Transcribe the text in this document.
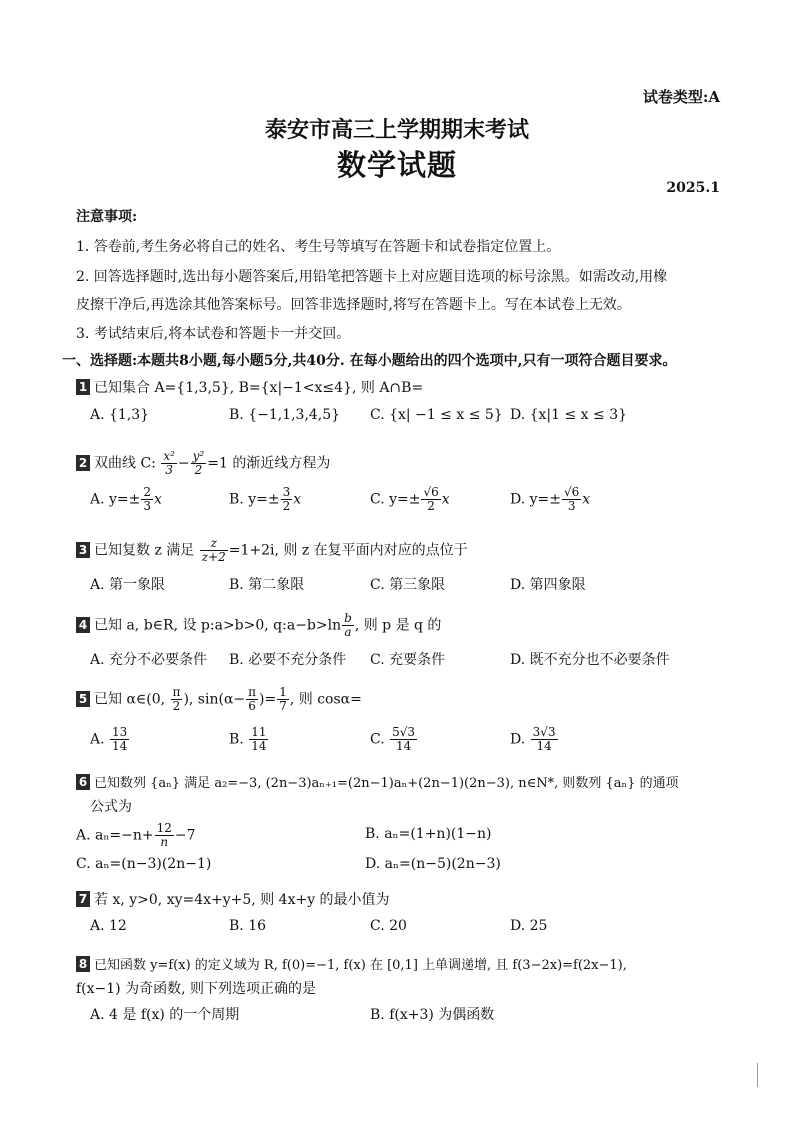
试卷类型:A
泰安市高三上学期期末考试
数学试题
2025.1
注意事项:
1. 答卷前,考生务必将自己的姓名、考生号等填写在答题卡和试卷指定位置上。
2. 回答选择题时,选出每小题答案后,用铅笔把答题卡上对应题目选项的标号涂黑。如需改动,用橡
皮擦干净后,再选涂其他答案标号。回答非选择题时,将写在答题卡上。写在本试卷上无效。
3. 考试结束后,将本试卷和答题卡一并交回。
一、选择题:本题共8小题,每小题5分,共40分. 在每小题给出的四个选项中,只有一项符合题目要求。
1 已知集合 A={1,3,5}, B={x|−1<x≤4}, 则 A∩B=
A. {1,3}	B. {−1,1,3,4,5} C. {x| −1 ≤ x ≤ 5} D. {x|1 ≤ x ≤ 3}
2 双曲线 C: $\frac{\text{x²}}{3} - \frac{\text{y²}}{2} =1$ 的渐近线方程为
A. $y=\pm \frac{2}{3}$ x	B. $y=\pm \frac{3}{2}$ x	C. $y=\pm \frac{√6}{2}$ x	D. $y=\pm \frac{√6}{3}$ x
3 已知复数 z 满足 $\frac{z}{z+2} =1+2i$, 则 z 在复平面内对应的点位于
A. 第一象限	B. 第二象限	C. 第三象限	D. 第四象限
4 已知 a, b∈R, 设 p:a>b>0, q:a−b>ln $\frac{b}{a}$ , 则 p 是 q 的
A. 充分不必要条件 B. 必要不充分条件 C. 充要条件	D. 既不充分也不必要条件
5 已知 α∈(0, $\frac{\pi}{2}$ ), $\sin(\alpha- \frac{\pi}{6}$ )= $\frac{1}{7}$ , 则 cosα=
A. $\frac{13}{14}$	B. $\frac{11}{14}$	C. $\frac{5√3}{14}$	D. $\frac{3√3}{14}$
6 已知数列 {aₙ} 满足 a₂=−3, (2n−3)aₙ₊₁=(2n−1)aₙ+(2n−1)(2n−3), n∈N*, 则数列 {aₙ} 的通项
公式为
A. $a_n=-n+ \frac{12}{n} -7$	B. aₙ=(1+n)(1−n)
C. aₙ=(n−3)(2n−1)	D. aₙ=(n−5)(2n−3)
7 若 x, y>0, xy=4x+y+5, 则 4x+y 的最小值为
A. 12	B. 16	C. 20	D. 25
8 已知函数 y=f(x) 的定义域为 R, f(0)=−1, f(x) 在 [0,1] 上单调递增, 且 f(3−2x)=f(2x−1),
f(x−1) 为奇函数, 则下列选项正确的是
A. 4 是 f(x) 的一个周期	B. f(x+3) 为偶函数
